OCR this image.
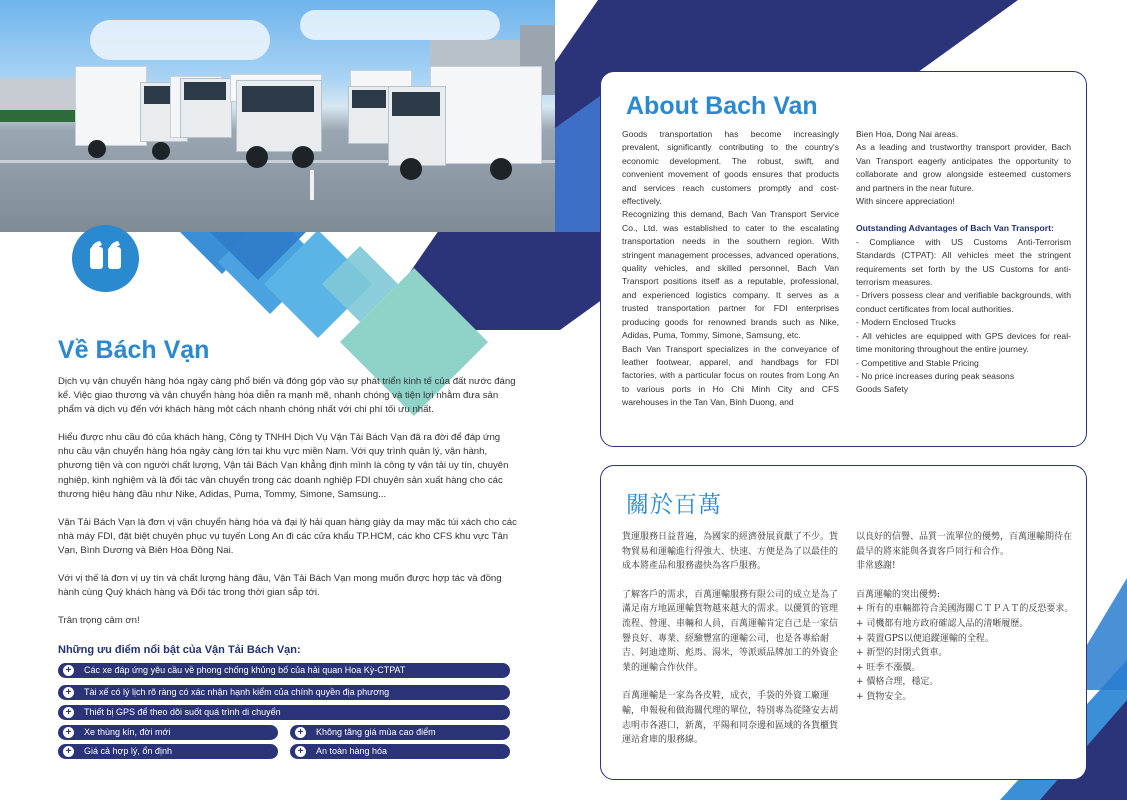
Về Bách Vạn

Dịch vụ vận chuyển hàng hóa ngày càng phổ biến và đóng góp vào sự phát triển kinh tế của đất nước đáng kể. Việc giao thương và vận chuyển hàng hóa diễn ra mạnh mẽ, nhanh chóng và tiện lợi nhằm đưa sản phẩm và dịch vụ đến với khách hàng một cách nhanh chóng nhất với chi phí tối ưu nhất.

Hiểu được nhu cầu đó của khách hàng, Công ty TNHH Dịch Vụ Vận Tải Bách Vạn đã ra đời để đáp ứng nhu cầu vận chuyển hàng hóa ngày càng lớn tại khu vực miền Nam. Với quy trình quản lý, vận hành, phương tiện và con người chất lượng, Vận tải Bách Vạn khẳng định mình là công ty vận tải uy tín, chuyên nghiệp, kinh nghiệm và là đối tác vận chuyển trong các doanh nghiệp FDI chuyên sản xuất hàng cho các thương hiệu hàng đầu như Nike, Adidas, Puma, Tommy, Simone, Samsung...

Vận Tải Bách Vạn là đơn vị vận chuyển hàng hóa và đại lý hải quan hàng giày da may mặc túi xách cho các nhà máy FDI, đặt biệt chuyên phục vụ tuyến Long An đi các cửa khẩu TP.HCM, các kho CFS khu vực Tân Vạn, Bình Dương và Biên Hòa Đồng Nai.

Với vị thế là đơn vị uy tín và chất lượng hàng đầu, Vận Tải Bách Vạn mong muốn được hợp tác và đồng hành cùng Quý khách hàng và Đối tác trong thời gian sắp tới.

Trân trọng cảm ơn!

Những ưu điểm nổi bật của Vận Tải Bách Vạn:
+ Các xe đáp ứng yêu cầu về phong chống khủng bố của hải quan Hoa Kỳ-CTPAT
+ Tài xế có lý lịch rõ ràng có xác nhận hạnh kiểm của chính quyền địa phương
+ Thiết bị GPS để theo dõi suốt quá trình di chuyển
+ Xe thùng kín, đời mới	+ Không tăng giá mùa cao điểm
+ Giá cả hợp lý, ổn định	+ An toàn hàng hóa
About Bach Van

Goods transportation has become increasingly prevalent, significantly contributing to the country's economic development. The robust, swift, and convenient movement of goods ensures that products and services reach customers promptly and cost-effectively.

Recognizing this demand, Bach Van Transport Service Co., Ltd. was established to cater to the escalating transportation needs in the southern region. With stringent management processes, advanced operations, quality vehicles, and skilled personnel, Bach Van Transport positions itself as a reputable, professional, and experienced logistics company. It serves as a trusted transportation partner for FDI enterprises producing goods for renowned brands such as Nike, Adidas, Puma, Tommy, Simone, Samsung, etc.

Bach Van Transport specializes in the conveyance of leather footwear, apparel, and handbags for FDI factories, with a particular focus on routes from Long An to various ports in Ho Chi Minh City and CFS warehouses in the Tan Van, Binh Duong, and

Bien Hoa, Dong Nai areas.

As a leading and trustworthy transport provider, Bach Van Transport eagerly anticipates the opportunity to collaborate and grow alongside esteemed customers and partners in the near future.

With sincere appreciation!

Outstanding Advantages of Bach Van Transport:

- Compliance with US Customs Anti-Terrorism Standards (CTPAT): All vehicles meet the stringent requirements set forth by the US Customs for anti-terrorism measures.

- Drivers possess clear and verifiable backgrounds, with conduct certificates from local authorities.

- Modern Enclosed Trucks

- All vehicles are equipped with GPS devices for real-time monitoring throughout the entire journey.

- Competitive and Stable Pricing

- No price increases during peak seasons

Goods Safety

關於百萬

貨運服務日益普遍，為國家的經濟發展貢獻了不少。貨物貿易和運輸進行得強大、快速、方便是為了以最佳的成本將產品和服務盡快為客戶服務。

了解客戶的需求，百萬運輸服務有限公司的成立是為了滿足南方地區運輸貨物越來越大的需求。以優質的管理流程、營運、車輛和人員，百萬運輸肯定自己是一家信譽良好、專業、經驗豐富的運輸公司，也是各專給耐吉、阿迪達斯、彪馬、湯米，等派頭品牌加工的外資企業的運輸合作伙伴。

百萬運輸是一家為各皮鞋，成衣，手袋的外資工廠運輸，申報稅和做海關代理的單位，特別專為從隆安去胡志明市各港口，新萬，平陽和同奈邊和區域的各貨櫃貨運站倉庫的服務線。

以良好的信譽、品質一流單位的優勢，百萬運輸期待在最早的將來能與各貴客戶同行和合作。

非常感謝!

百萬運輸的突出優勢:
+ 所有的車輛都符合美國海關ＣＴＰＡＴ的反恐要求。
+ 司機都有地方政府確認人品的清晰履歷。
+ 裝置GPS以便追蹤運輸的全程。
+ 新型的封閉式貨車。
+ 旺季不漲價。
+ 價格合理，穩定。
+ 貨物安全。
